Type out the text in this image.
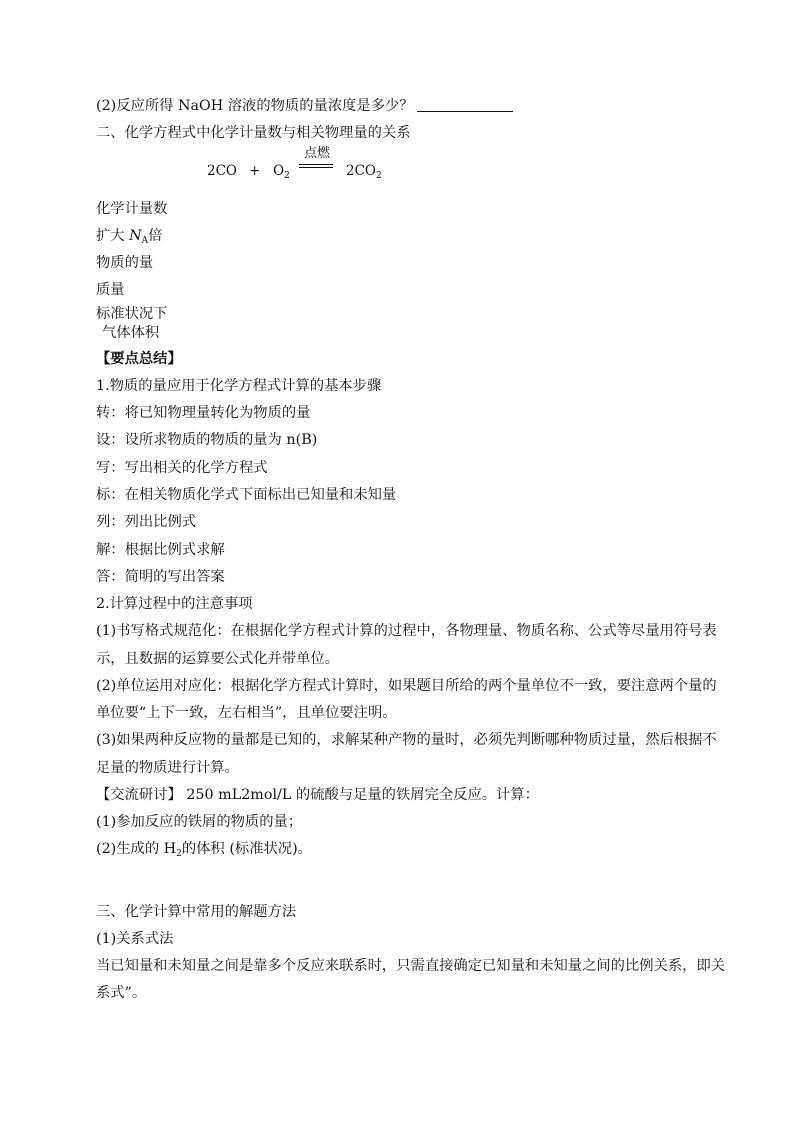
(2)反应所得 NaOH 溶液的物质的量浓度是多少？
二、化学方程式中化学计量数与相关物理量的关系
$2CO + O_2$
点燃
$2CO_2$
化学计量数
扩大 $N_A$倍
物质的量
质量
标准状况下
气体体积
【要点总结】
1.物质的量应用于化学方程式计算的基本步骤
转：将已知物理量转化为物质的量
设：设所求物质的物质的量为 n(B)
写：写出相关的化学方程式
标：在相关物质化学式下面标出已知量和未知量
列：列出比例式
解：根据比例式求解
答：简明的写出答案
2.计算过程中的注意事项
(1)书写格式规范化：在根据化学方程式计算的过程中，各物理量、物质名称、公式等尽量用符号表
示，且数据的运算要公式化并带单位。
(2)单位运用对应化：根据化学方程式计算时，如果题目所给的两个量单位不一致，要注意两个量的
单位要“上下一致，左右相当”，且单位要注明。
(3)如果两种反应物的量都是已知的，求解某种产物的量时，必须先判断哪种物质过量，然后根据不
足量的物质进行计算。
【交流研讨】 250 mL2mol/L 的硫酸与足量的铁屑完全反应。计算：
(1)参加反应的铁屑的物质的量；
(2)生成的 $H_2$的体积 (标准状况)。
三、化学计算中常用的解题方法
(1)关系式法
当已知量和未知量之间是靠多个反应来联系时，只需直接确定已知量和未知量之间的比例关系，即关
系式”。
